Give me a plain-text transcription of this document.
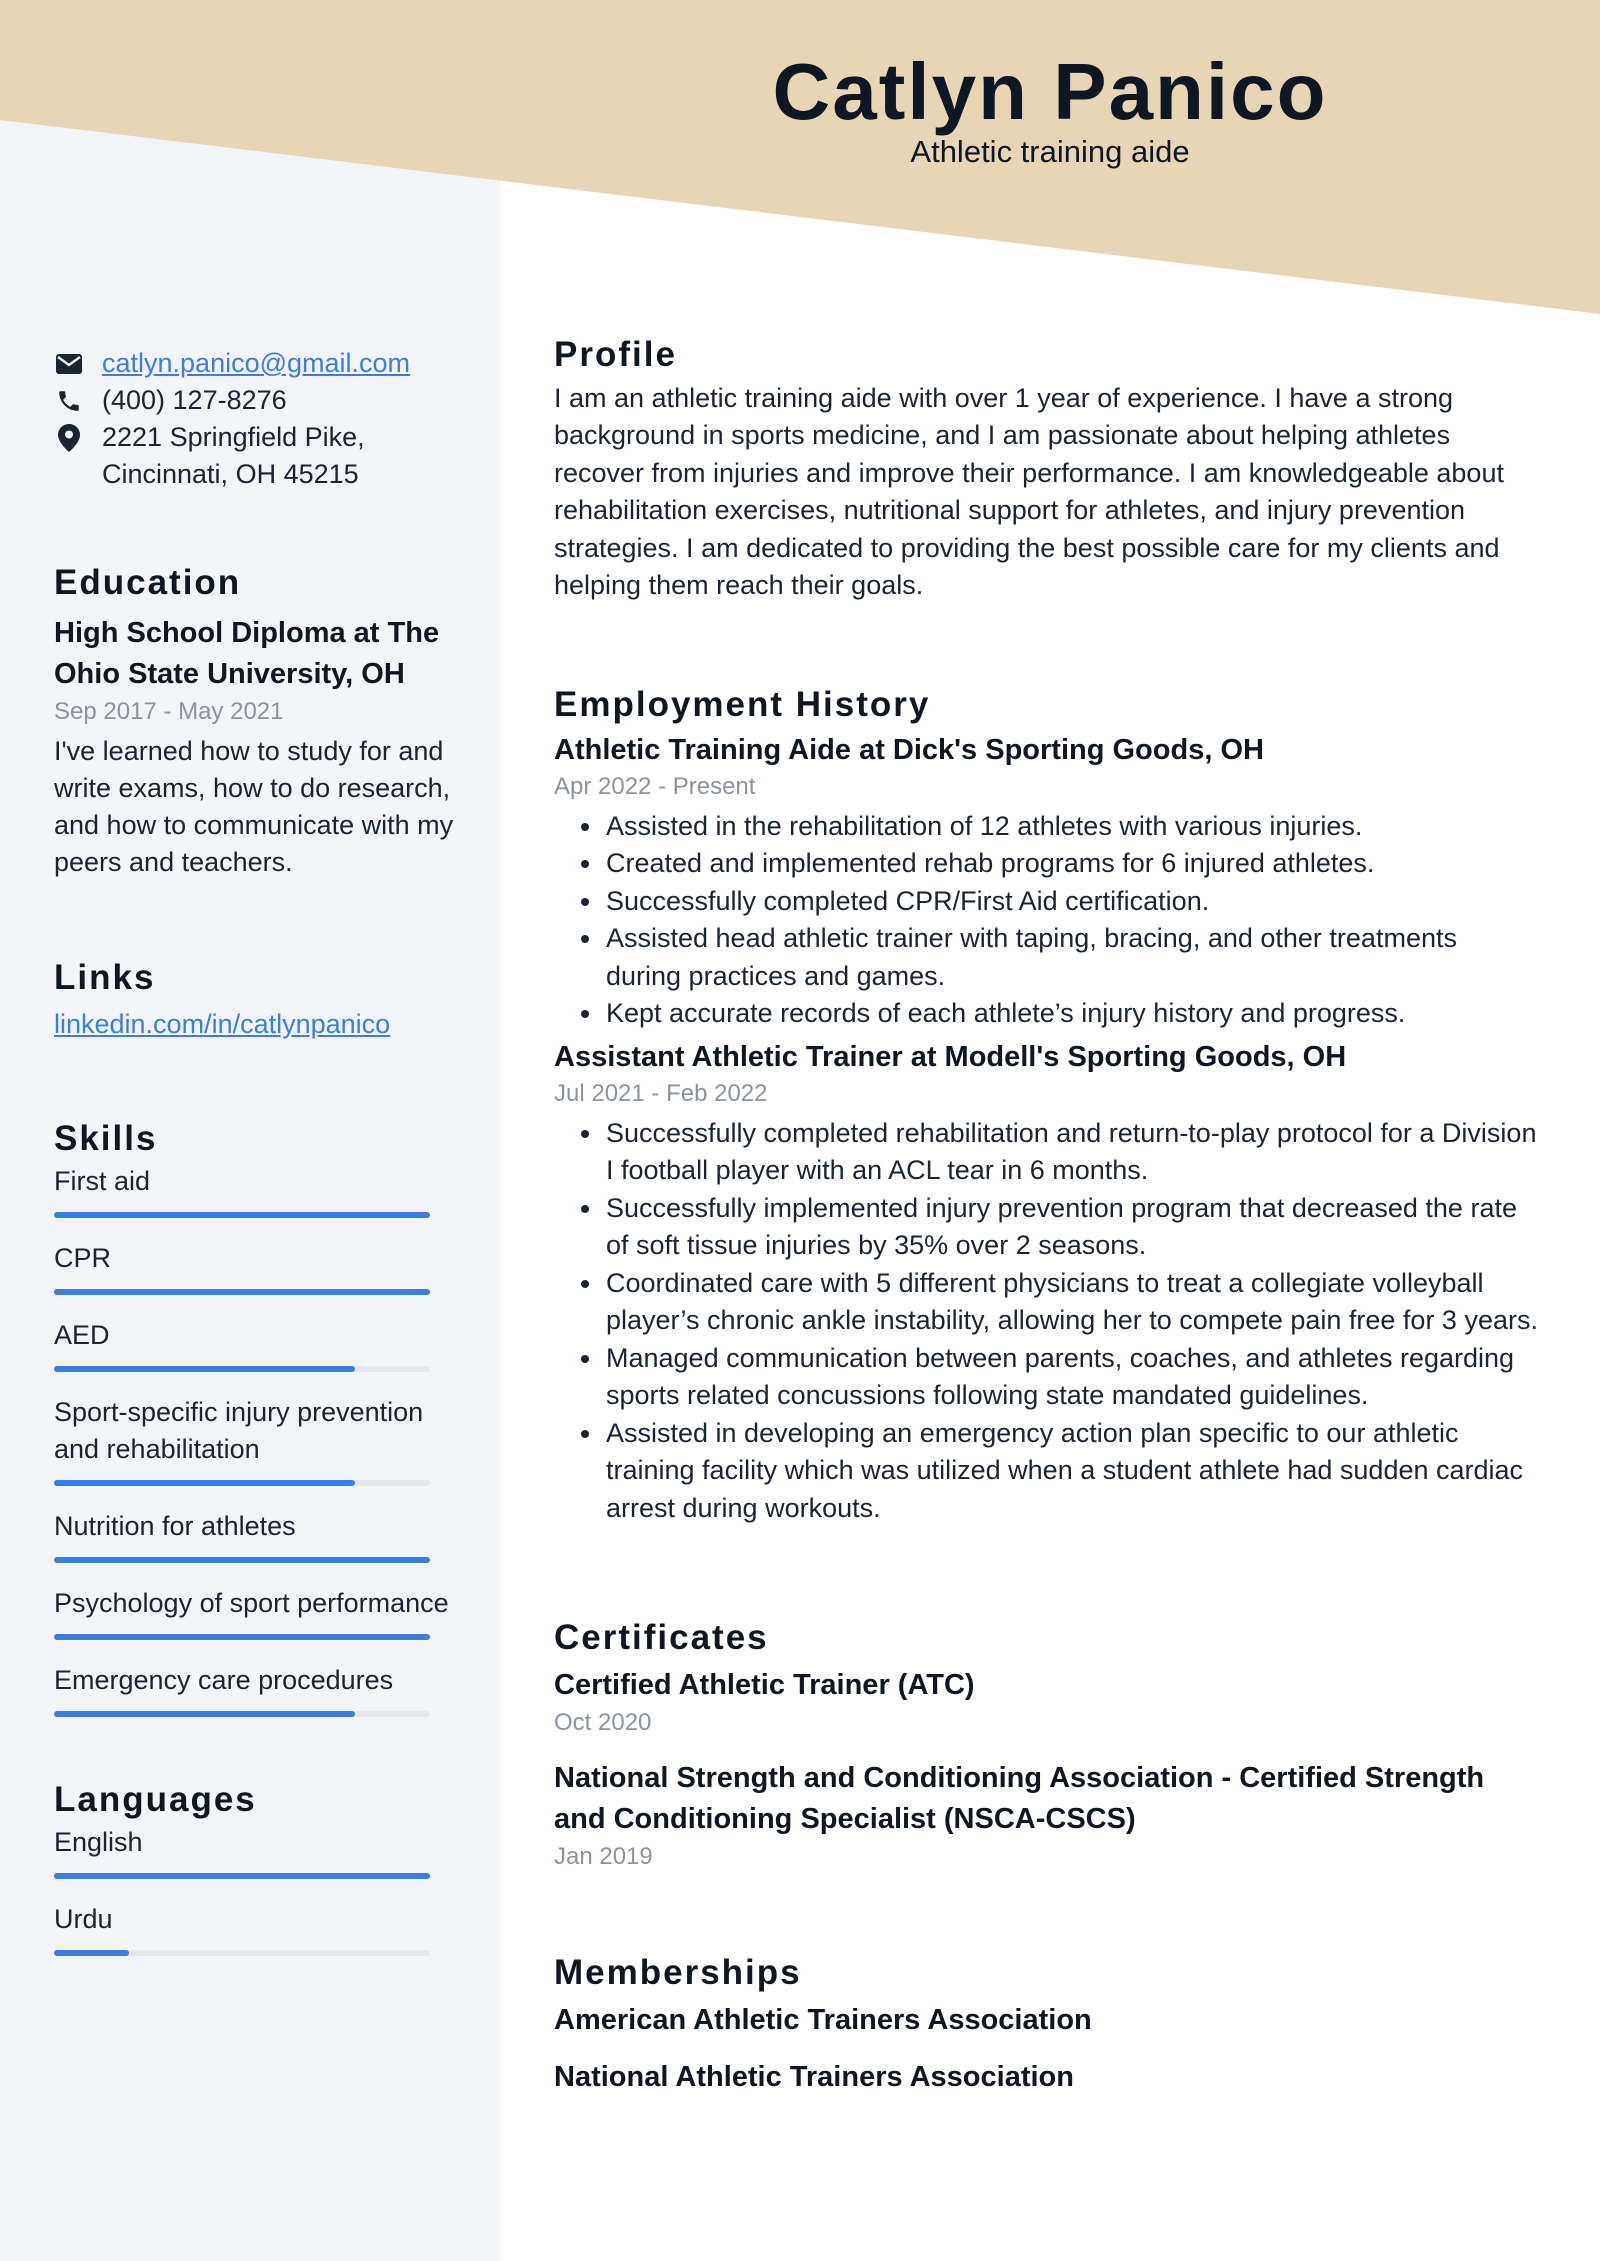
Catlyn Panico
Athletic training aide
catlyn.panico@gmail.com
(400) 127-8276
2221 Springfield Pike,
Cincinnati, OH 45215
Education
High School Diploma at The Ohio State University, OH
Sep 2017 - May 2021
I've learned how to study for and write exams, how to do research, and how to communicate with my peers and teachers.
Links
linkedin.com/in/catlynpanico
Skills
First aid
CPR
AED
Sport-specific injury prevention and rehabilitation
Nutrition for athletes
Psychology of sport performance
Emergency care procedures
Languages
English
Urdu
Profile
I am an athletic training aide with over 1 year of experience. I have a strong background in sports medicine, and I am passionate about helping athletes recover from injuries and improve their performance. I am knowledgeable about rehabilitation exercises, nutritional support for athletes, and injury prevention strategies. I am dedicated to providing the best possible care for my clients and helping them reach their goals.
Employment History
Athletic Training Aide at Dick's Sporting Goods, OH
Apr 2022 - Present
Assisted in the rehabilitation of 12 athletes with various injuries.
Created and implemented rehab programs for 6 injured athletes.
Successfully completed CPR/First Aid certification.
Assisted head athletic trainer with taping, bracing, and other treatments during practices and games.
Kept accurate records of each athlete’s injury history and progress.
Assistant Athletic Trainer at Modell's Sporting Goods, OH
Jul 2021 - Feb 2022
Successfully completed rehabilitation and return-to-play protocol for a Division I football player with an ACL tear in 6 months.
Successfully implemented injury prevention program that decreased the rate of soft tissue injuries by 35% over 2 seasons.
Coordinated care with 5 different physicians to treat a collegiate volleyball player’s chronic ankle instability, allowing her to compete pain free for 3 years.
Managed communication between parents, coaches, and athletes regarding sports related concussions following state mandated guidelines.
Assisted in developing an emergency action plan specific to our athletic training facility which was utilized when a student athlete had sudden cardiac arrest during workouts.
Certificates
Certified Athletic Trainer (ATC)
Oct 2020
National Strength and Conditioning Association - Certified Strength and Conditioning Specialist (NSCA-CSCS)
Jan 2019
Memberships
American Athletic Trainers Association
National Athletic Trainers Association
